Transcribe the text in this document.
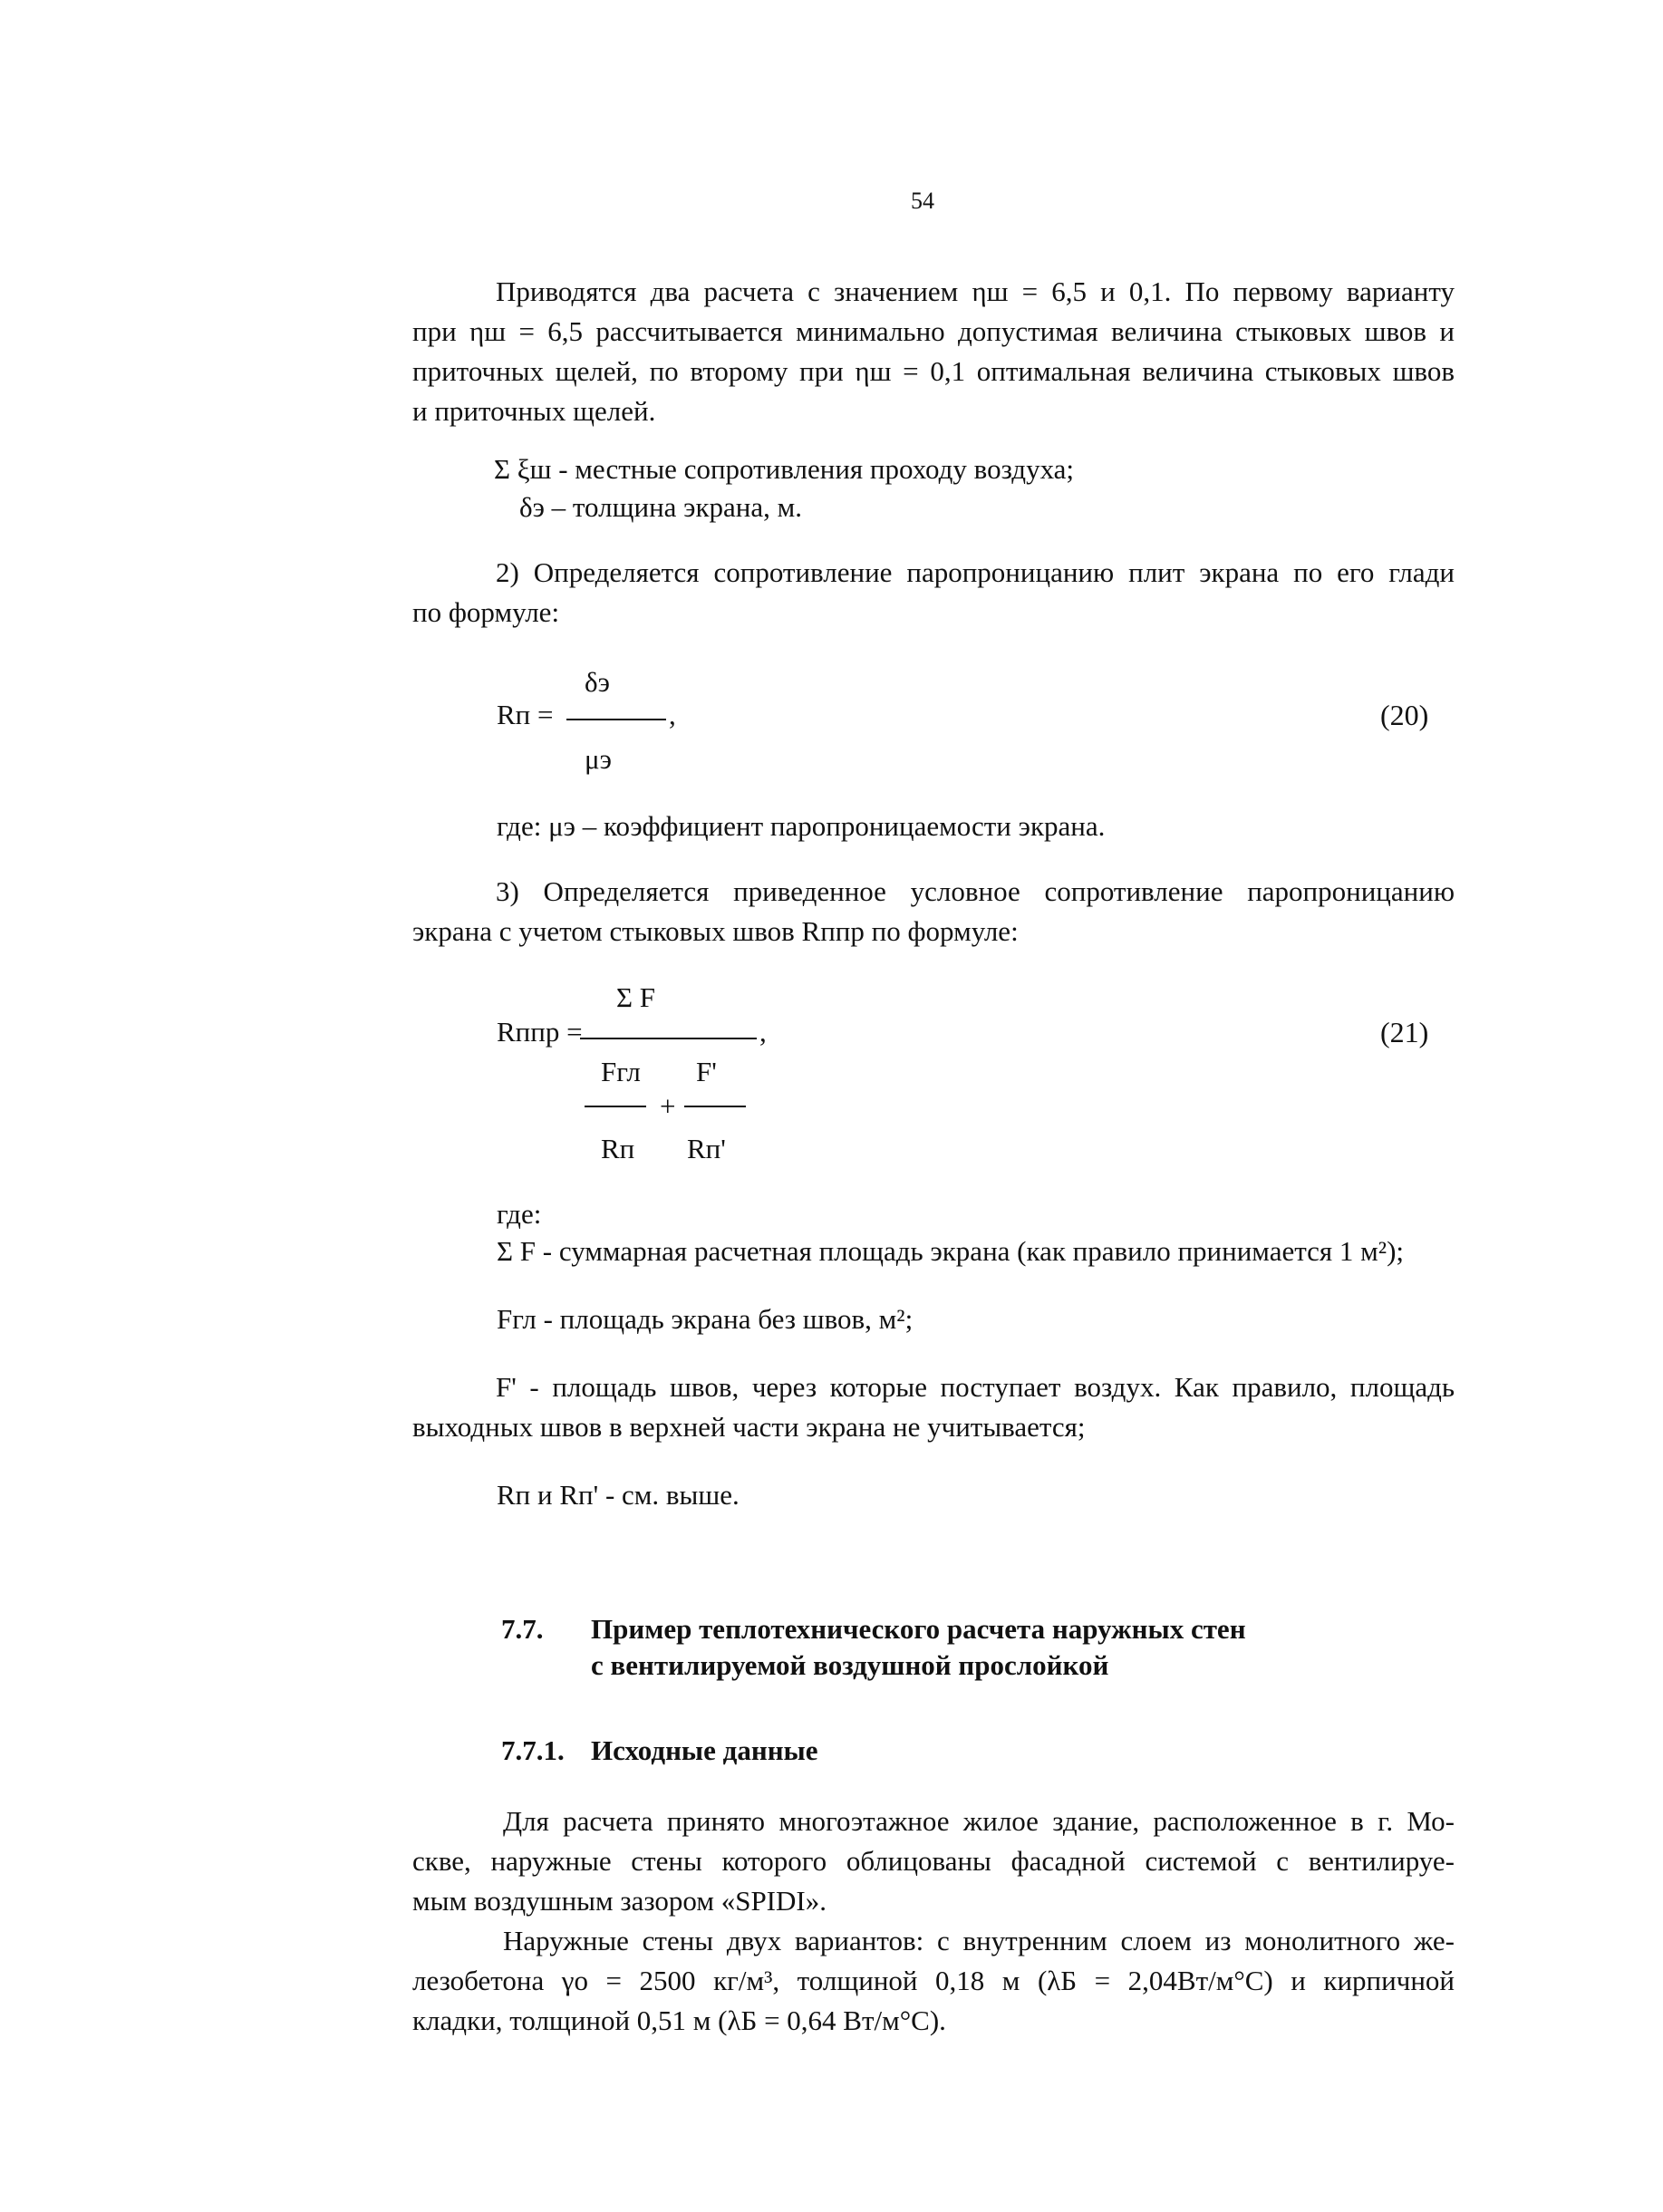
54
Приводятся два расчета с значением ηш = 6,5 и 0,1. По первому варианту
при ηш = 6,5 рассчитывается минимально допустимая величина стыковых швов и
приточных щелей, по второму при ηш = 0,1 оптимальная величина стыковых швов
и приточных щелей.
Σ ξш - местные сопротивления проходу воздуха;
δэ – толщина экрана, м.
2) Определяется сопротивление паропроницанию плит экрана по его глади
по формуле:
δэ
Rп =	,
μэ
(20)
где: μэ – коэффициент паропроницаемости экрана.
3) Определяется приведенное условное сопротивление паропроницанию
экрана с учетом стыковых швов Rппр по формуле:
Σ F
Rппр =	,	(21)
Fгл F'
+
Rп Rп'
где:
Σ F - суммарная расчетная площадь экрана (как правило принимается 1 м²);
Fгл - площадь экрана без швов, м²;
F' - площадь швов, через которые поступает воздух. Как правило, площадь
выходных швов в верхней части экрана не учитывается;
Rп и Rп' - см. выше.
7.7. Пример теплотехнического расчета наружных стен
с вентилируемой воздушной прослойкой
7.7.1. Исходные данные
Для расчета принято многоэтажное жилое здание, расположенное в г. Мо-
скве, наружные стены которого облицованы фасадной системой с вентилируе-
мым воздушным зазором «SPIDI».
Наружные стены двух вариантов: с внутренним слоем из монолитного же-
лезобетона γо = 2500 кг/м³, толщиной 0,18 м (λБ = 2,04Вт/м°С) и кирпичной
кладки, толщиной 0,51 м (λБ = 0,64 Вт/м°С).
